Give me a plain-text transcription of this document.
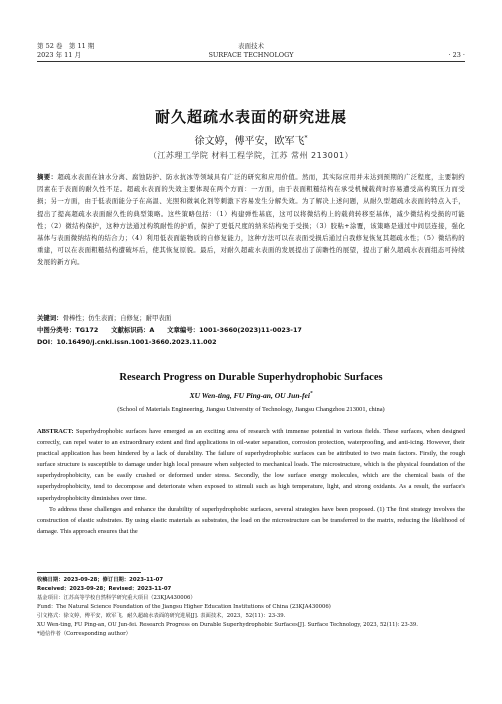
第 52 卷　第 11 期
2023 年 11 月
表面技术
SURFACE TECHNOLOGY	· 23 ·
耐久超疏水表面的研究进展
徐文婷，傅平安，欧军飞*
（江苏理工学院 材料工程学院，江苏 常州 213001）
摘要：超疏水表面在油水分离、腐蚀防护、防水抗冰等领域具有广泛的研究和应用价值。然而，其实际应用并未达到预期的广泛程度，主要制约因素在于表面的耐久性不足。超疏水表面的失效主要体现在两个方面：一方面，由于表面粗糙结构在承受机械载荷时容易遭受高构筑压力而受损；另一方面，由于低表面能分子在高温、光照和微氧化剂等刺激下容易发生分解失效。为了解决上述问题，从耐久型超疏水表面的特点入手，提出了提高超疏水表面耐久性的典型策略。这些策略包括：（1）构建弹性基底，这可以将微结构上的载荷转移至基体，减少微结构受损的可能性；（2）微结构保护，这种方法通过构筑耐性的护盾，保护了更低尺度的纳米结构免于受损；（3）胶粘+涂覆，该策略是通过中间层连接，强化基体与表面微纳结构的结合力；（4）利用低表面能物质的自修复能力，这种方法可以在表面受损后通过自我修复恢复其超疏水性；（5）微结构的重建，可以在表面粗糙结构遭破坏后，使其恢复原貌。最后，对耐久超疏水表面的发展提出了前瞻性的展望，提出了耐久超疏水表面组态可持续发展的新方向。
关键词：骨棒性；仿生表面；自修复；耐甲表面
中图分类号：TG172　　 文献标识码：A　　 文章编号：1001-3660(2023)11-0023-17
DOI：10.16490/j.cnki.issn.1001-3660.2023.11.002
Research Progress on Durable Superhydrophobic Surfaces
XU Wen-ting, FU Ping-an, OU Jun-fei*
(School of Materials Engineering, Jiangsu University of Technology, Jiangsu Changzhou 213001, china)

ABSTRACT: Superhydrophobic surfaces have emerged as an exciting area of research with immense potential in various fields. These surfaces, when designed correctly, can repel water to an extraordinary extent and find applications in oil-water separation, corrosion protection, waterproofing, and anti-icing. However, their practical application has been hindered by a lack of durability. The failure of superhydrophobic surfaces can be attributed to two main factors. Firstly, the rough surface structure is susceptible to damage under high local pressure when subjected to mechanical loads. The microstructure, which is the physical foundation of the superhydrophobicity, can be easily crushed or deformed under stress. Secondly, the low surface energy molecules, which are the chemical basis of the superhydrophobicity, tend to decompose and deteriorate when exposed to stimuli such as high temperature, light, and strong oxidants. As a result, the surface's superhydrophobicity diminishes over time.

To address these challenges and enhance the durability of superhydrophobic surfaces, several strategies have been proposed. (1) The first strategy involves the construction of elastic substrates. By using elastic materials as substrates, the load on the microstructure can be transferred to the matrix, reducing the likelihood of damage. This approach ensures that the

收稿日期：2023-09-28；修订日期：2023-11-07
Received：2023-09-28；Revised：2023-11-07
基金项目：江苏高等学校自然科学研究重大项目（23KJA430006）
Fund：The Natural Science Foundation of the Jiangsu Higher Education Institutions of China (23KJA430006)
引文格式：徐文婷，傅平安，欧军飞．耐久超疏水表面的研究进展[J]. 表面技术，2023，52(11)：23-39.
XU Wen-ting, FU Ping-an, OU Jun-fei. Research Progress on Durable Superhydrophobic Surfaces[J]. Surface Technology, 2023, 52(11): 23-39.
*通信作者（Corresponding author）
